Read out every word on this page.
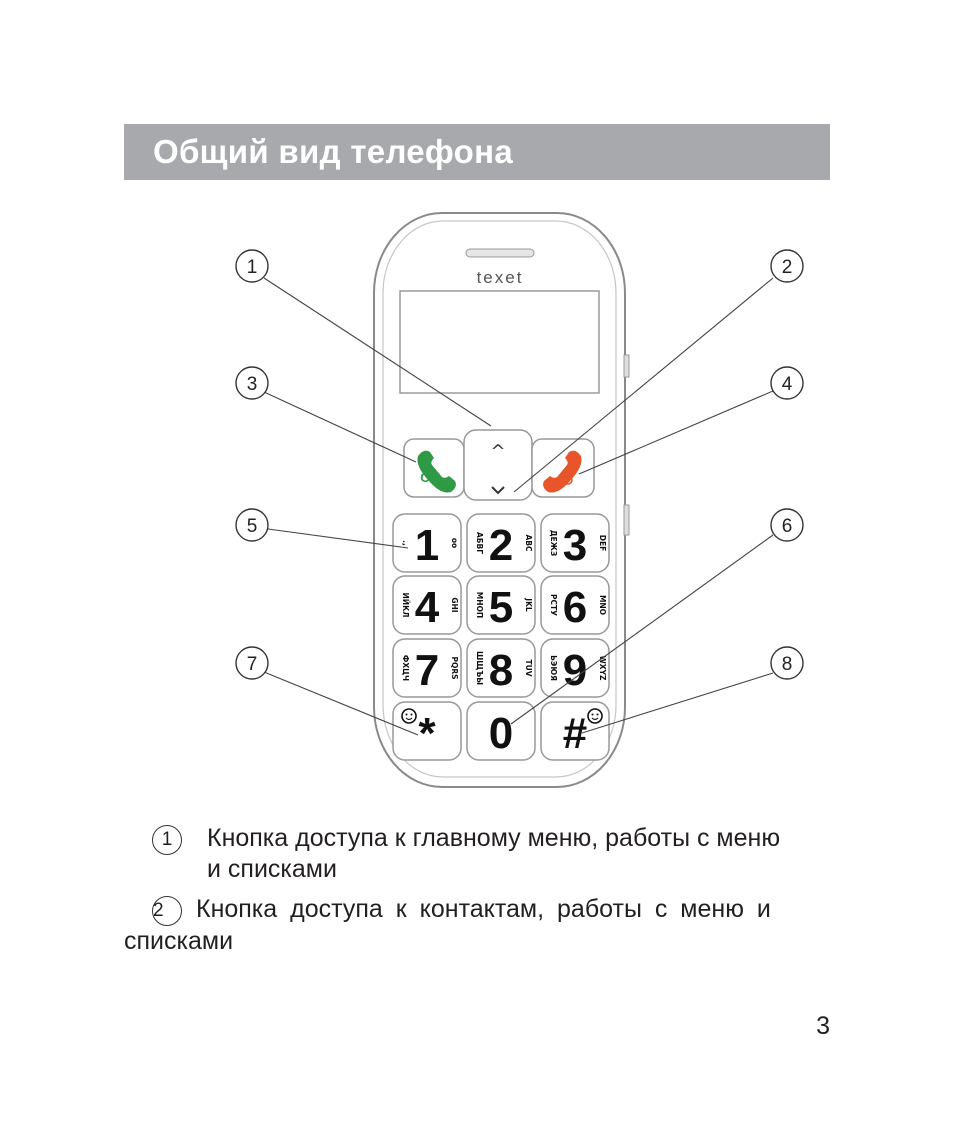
Общий вид телефона
texet
OK
^
1
.,	oo 2
АБВГ	ABC 3
ДЕЖЗ	DEF
4
ИЙКЛ	GHI 5
МНОП	JKL 6
РСТУ	MNO
7
ФХЦЧ	PQRS 8
ШЩЪЫ	TUV 9
ЬЭЮЯ	WXYZ
* 0 #
1	2
3	4
5	6
7	8
1	Кнопка доступа к главному меню, работы с меню
и списками
2 Кнопка доступа к контактам, работы с меню и
списками
3
